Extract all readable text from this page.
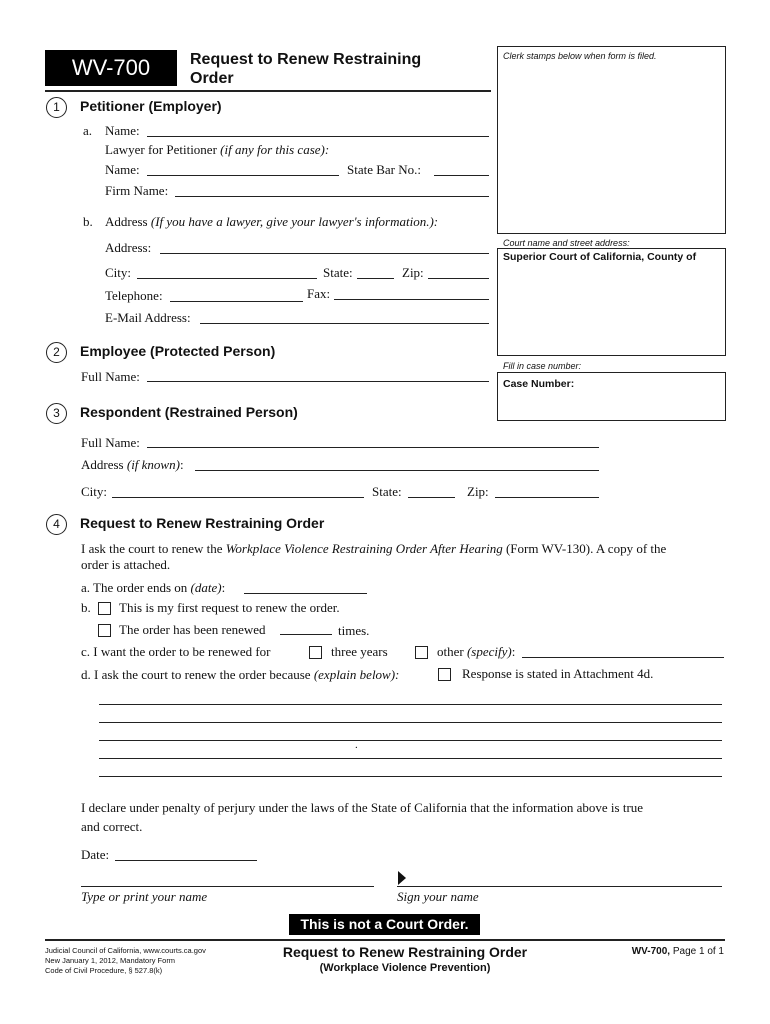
WV-700	Request to Renew Restraining
Order
Clerk stamps below when form is filed.
Court name and street address:
Superior Court of California, County of
Fill in case number:
Case Number:
1	Petitioner (Employer)
a. Name:
Lawyer for Petitioner (if any for this case):
Name:	State Bar No.:
Firm Name:
b. Address (If you have a lawyer, give your lawyer's information.):
Address:
City:	State:	Zip:
Telephone:	Fax:
E-Mail Address:
2	Employee (Protected Person)
Full Name:
3	Respondent (Restrained Person)
Full Name:
Address (if known):
City:	State:	Zip:
4	Request to Renew Restraining Order
I ask the court to renew the Workplace Violence Restraining Order After Hearing (Form WV-130). A copy of the
order is attached.
a. The order ends on (date):
b. This is my first request to renew the order.
The order has been renewed	times.
c. I want the order to be renewed for	three years	other (specify):
d. I ask the court to renew the order because (explain below):	Response is stated in Attachment 4d.
.
I declare under penalty of perjury under the laws of the State of California that the information above is true
and correct.
Date:
Type or print your name	Sign your name
This is not a Court Order.
Judicial Council of California, www.courts.ca.gov
New January 1, 2012, Mandatory Form
Code of Civil Procedure, § 527.8(k)
Request to Renew Restraining Order
(Workplace Violence Prevention)
WV-700, Page 1 of 1
